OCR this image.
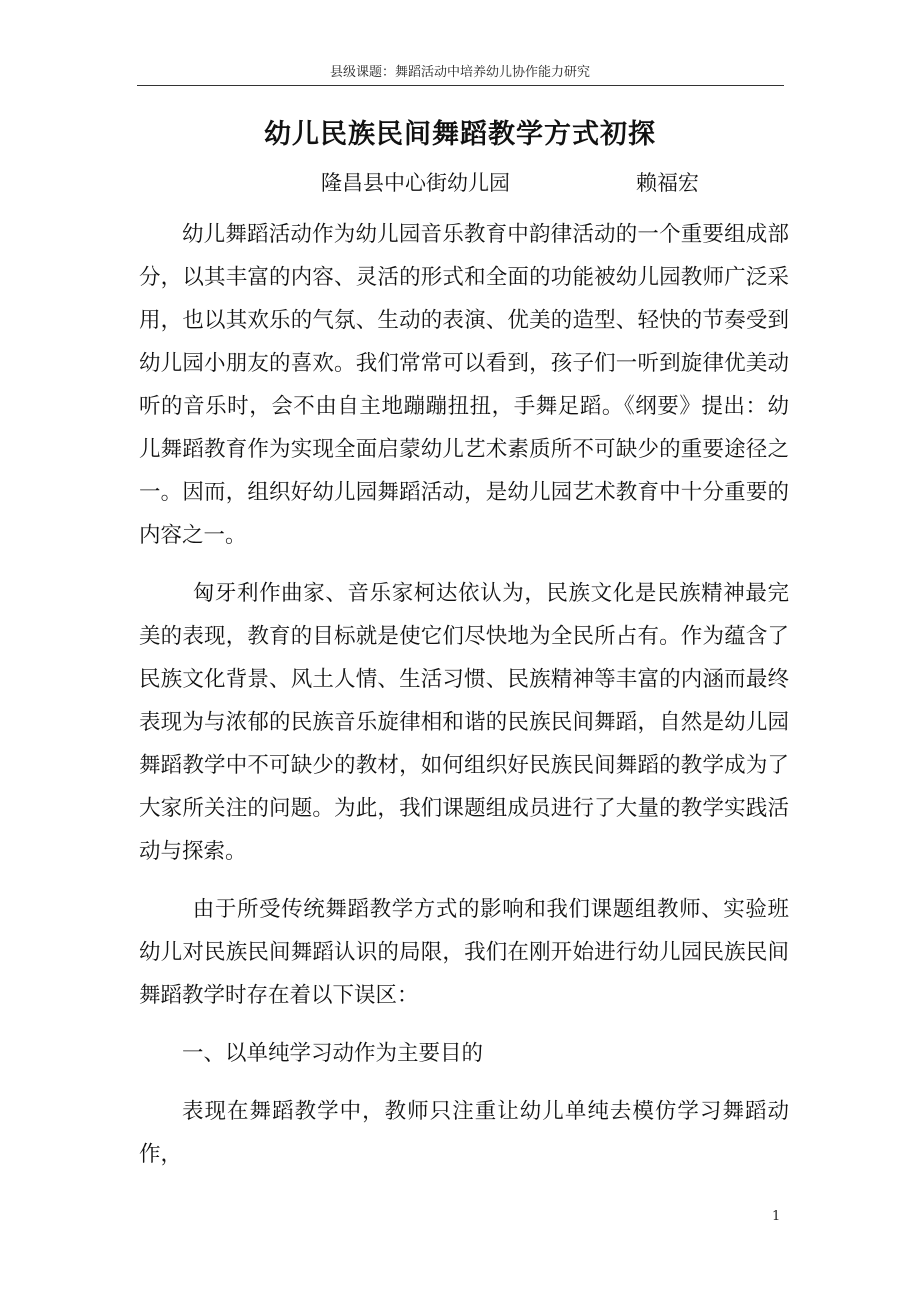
县级课题：舞蹈活动中培养幼儿协作能力研究
幼儿民族民间舞蹈教学方式初探
隆昌县中心街幼儿园	赖福宏

幼儿舞蹈活动作为幼儿园音乐教育中韵律活动的一个重要组成部分，以其丰富的内容、灵活的形式和全面的功能被幼儿园教师广泛采用，也以其欢乐的气氛、生动的表演、优美的造型、轻快的节奏受到幼儿园小朋友的喜欢。我们常常可以看到，孩子们一听到旋律优美动听的音乐时，会不由自主地蹦蹦扭扭，手舞足蹈。《纲要》提出：幼儿舞蹈教育作为实现全面启蒙幼儿艺术素质所不可缺少的重要途径之一。因而，组织好幼儿园舞蹈活动，是幼儿园艺术教育中十分重要的内容之一。

匈牙利作曲家、音乐家柯达依认为，民族文化是民族精神最完美的表现，教育的目标就是使它们尽快地为全民所占有。作为蕴含了民族文化背景、风土人情、生活习惯、民族精神等丰富的内涵而最终表现为与浓郁的民族音乐旋律相和谐的民族民间舞蹈，自然是幼儿园舞蹈教学中不可缺少的教材，如何组织好民族民间舞蹈的教学成为了大家所关注的问题。为此，我们课题组成员进行了大量的教学实践活动与探索。

由于所受传统舞蹈教学方式的影响和我们课题组教师、实验班幼儿对民族民间舞蹈认识的局限，我们在刚开始进行幼儿园民族民间舞蹈教学时存在着以下误区：

一、以单纯学习动作为主要目的

表现在舞蹈教学中，教师只注重让幼儿单纯去模仿学习舞蹈动作，

1
